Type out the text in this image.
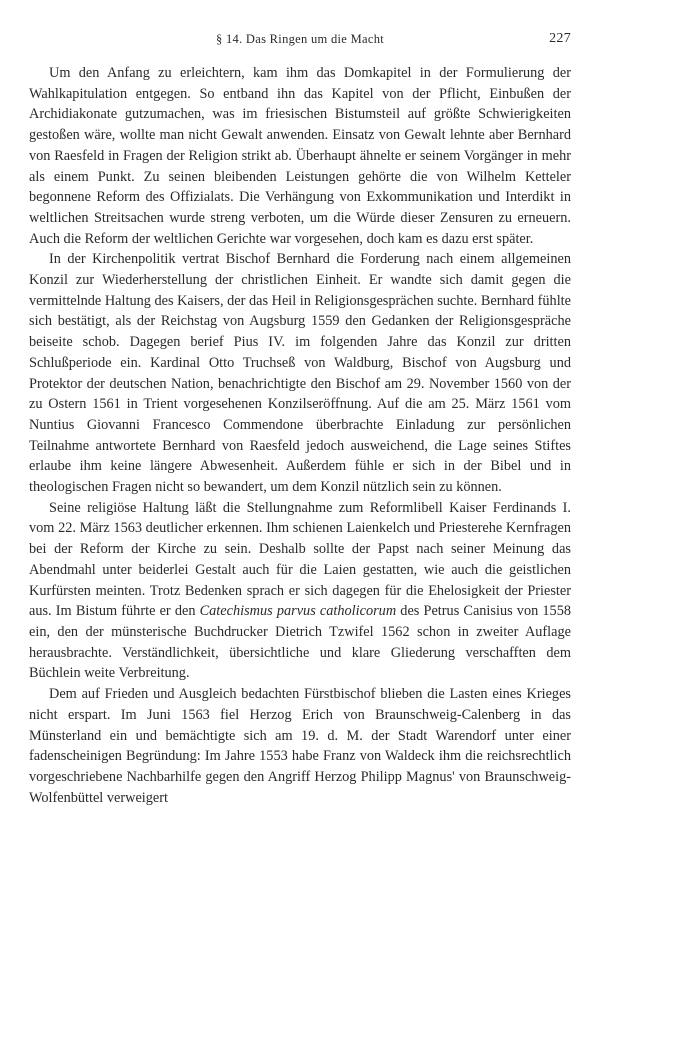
§ 14. Das Ringen um die Macht	227

Um den Anfang zu erleichtern, kam ihm das Domkapitel in der Formulierung der Wahlkapitulation entgegen. So entband ihn das Kapitel von der Pflicht, Einbußen der Archidiakonate gutzumachen, was im friesischen Bistumsteil auf größte Schwierigkeiten gestoßen wäre, wollte man nicht Gewalt anwenden. Einsatz von Gewalt lehnte aber Bernhard von Raesfeld in Fragen der Religion strikt ab. Überhaupt ähnelte er seinem Vorgänger in mehr als einem Punkt. Zu seinen bleibenden Leistungen gehörte die von Wilhelm Ketteler begonnene Reform des Offizialats. Die Verhängung von Exkommunikation und Interdikt in weltlichen Streitsachen wurde streng verboten, um die Würde dieser Zensuren zu erneuern. Auch die Reform der weltlichen Gerichte war vorgesehen, doch kam es dazu erst später.

In der Kirchenpolitik vertrat Bischof Bernhard die Forderung nach einem allgemeinen Konzil zur Wiederherstellung der christlichen Einheit. Er wandte sich damit gegen die vermittelnde Haltung des Kaisers, der das Heil in Religionsgesprächen suchte. Bernhard fühlte sich bestätigt, als der Reichstag von Augsburg 1559 den Gedanken der Religionsgespräche beiseite schob. Dagegen berief Pius IV. im folgenden Jahre das Konzil zur dritten Schlußperiode ein. Kardinal Otto Truchseß von Waldburg, Bischof von Augsburg und Protektor der deutschen Nation, benachrichtigte den Bischof am 29. November 1560 von der zu Ostern 1561 in Trient vorgesehenen Konzilseröffnung. Auf die am 25. März 1561 vom Nuntius Giovanni Francesco Commendone überbrachte Einladung zur persönlichen Teilnahme antwortete Bernhard von Raesfeld jedoch ausweichend, die Lage seines Stiftes erlaube ihm keine längere Abwesenheit. Außerdem fühle er sich in der Bibel und in theologischen Fragen nicht so bewandert, um dem Konzil nützlich sein zu können.

Seine religiöse Haltung läßt die Stellungnahme zum Reformlibell Kaiser Ferdinands I. vom 22. März 1563 deutlicher erkennen. Ihm schienen Laienkelch und Priesterehe Kernfragen bei der Reform der Kirche zu sein. Deshalb sollte der Papst nach seiner Meinung das Abendmahl unter beiderlei Gestalt auch für die Laien gestatten, wie auch die geistlichen Kurfürsten meinten. Trotz Bedenken sprach er sich dagegen für die Ehelosigkeit der Priester aus. Im Bistum führte er den Catechismus parvus catholicorum des Petrus Canisius von 1558 ein, den der münsterische Buchdrucker Dietrich Tzwifel 1562 schon in zweiter Auflage herausbrachte. Verständlichkeit, übersichtliche und klare Gliederung verschafften dem Büchlein weite Verbreitung.

Dem auf Frieden und Ausgleich bedachten Fürstbischof blieben die Lasten eines Krieges nicht erspart. Im Juni 1563 fiel Herzog Erich von Braunschweig-Calenberg in das Münsterland ein und bemächtigte sich am 19. d. M. der Stadt Warendorf unter einer fadenscheinigen Begründung: Im Jahre 1553 habe Franz von Waldeck ihm die reichsrechtlich vorgeschriebene Nachbarhilfe gegen den Angriff Herzog Philipp Magnus' von Braunschweig-Wolfenbüttel verweigert
